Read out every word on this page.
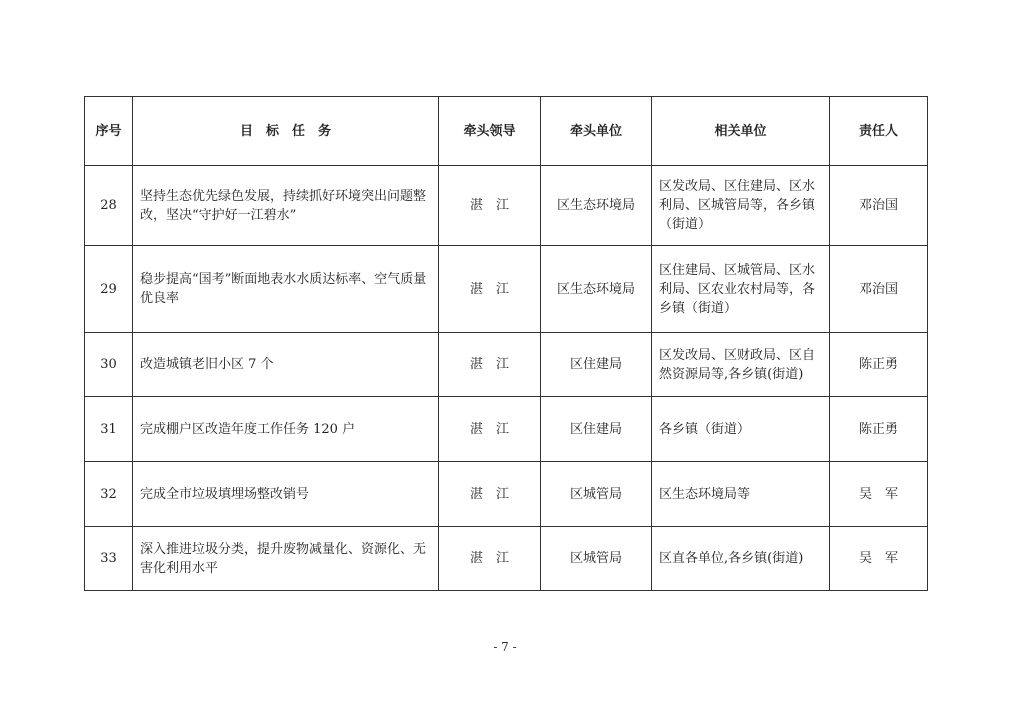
序号	目　标　任　务	牵头领导	牵头单位	相关单位	责任人
28	坚持生态优先绿色发展，持续抓好环境突出问题整改，坚决“守护好一江碧水”	湛　江	区生态环境局	区发改局、区住建局、区水利局、区城管局等，各乡镇（街道）	邓治国
29	稳步提高“国考”断面地表水水质达标率、空气质量优良率	湛　江	区生态环境局	区住建局、区城管局、区水利局、区农业农村局等，各乡镇（街道）	邓治国
30	改造城镇老旧小区 7 个	湛　江	区住建局	区发改局、区财政局、区自然资源局等,各乡镇(街道)	陈正勇
31	完成棚户区改造年度工作任务 120 户	湛　江	区住建局	各乡镇（街道）	陈正勇
32	完成全市垃圾填埋场整改销号	湛　江	区城管局	区生态环境局等	吴　军
33	深入推进垃圾分类，提升废物减量化、资源化、无害化利用水平	湛　江	区城管局	区直各单位,各乡镇(街道)	吴　军
- 7 -
